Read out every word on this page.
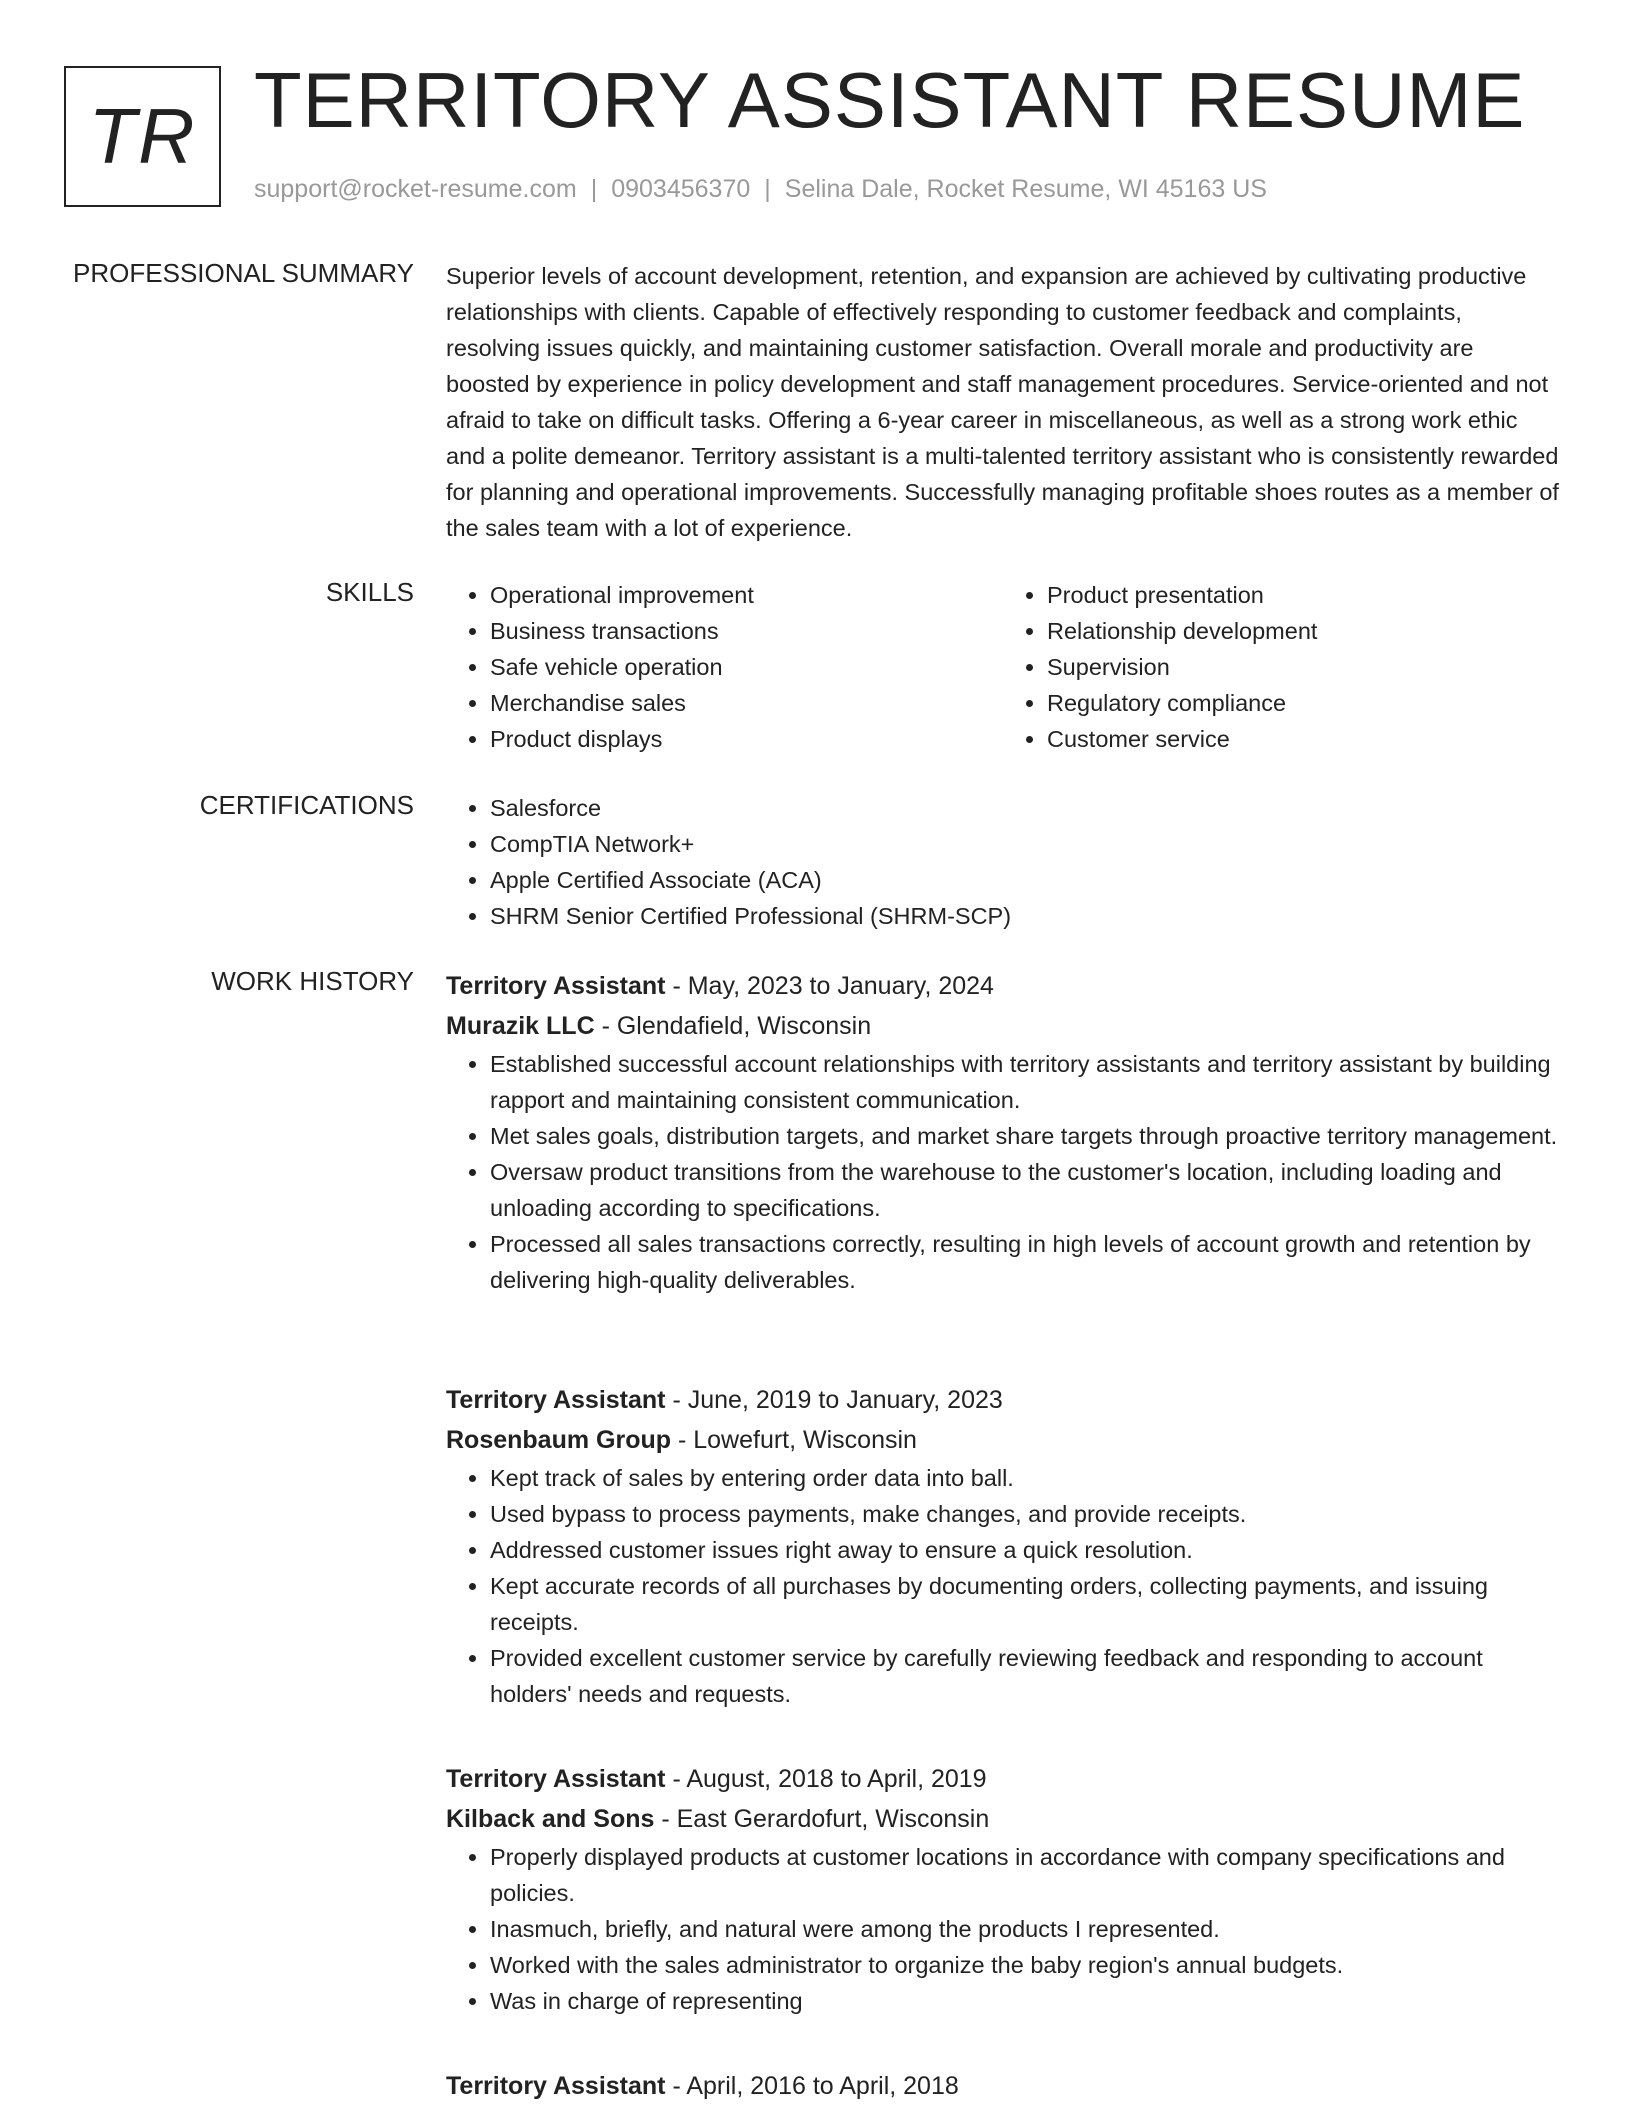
TR TERRITORY ASSISTANT RESUME
support@rocket-resume.com | 0903456370 | Selina Dale, Rocket Resume, WI 45163 US
PROFESSIONAL SUMMARY Superior levels of account development, retention, and expansion are achieved by cultivating productive relationships with clients. Capable of effectively responding to customer feedback and complaints, resolving issues quickly, and maintaining customer satisfaction. Overall morale and productivity are boosted by experience in policy development and staff management procedures. Service-oriented and not afraid to take on difficult tasks. Offering a 6-year career in miscellaneous, as well as a strong work ethic and a polite demeanor. Territory assistant is a multi-talented territory assistant who is consistently rewarded for planning and operational improvements. Successfully managing profitable shoes routes as a member of the sales team with a lot of experience.

SKILLS	• Operational improvement
• Business transactions
• Safe vehicle operation
• Merchandise sales
• Product displays
• Product presentation
• Relationship development
• Supervision
• Regulatory compliance
• Customer service
CERTIFICATIONS	• Salesforce
• CompTIA Network+
• Apple Certified Associate (ACA)
• SHRM Senior Certified Professional (SHRM-SCP)
WORK HISTORY Territory Assistant - May, 2023 to January, 2024

Murazik LLC - Glendafield, Wisconsin

• Established successful account relationships with territory assistants and territory assistant by building rapport and maintaining consistent communication.
• Met sales goals, distribution targets, and market share targets through proactive territory management.
• Oversaw product transitions from the warehouse to the customer's location, including loading and unloading according to specifications.
• Processed all sales transactions correctly, resulting in high levels of account growth and retention by delivering high-quality deliverables.

Territory Assistant - June, 2019 to January, 2023

Rosenbaum Group - Lowefurt, Wisconsin

• Kept track of sales by entering order data into ball.
• Used bypass to process payments, make changes, and provide receipts.
• Addressed customer issues right away to ensure a quick resolution.
• Kept accurate records of all purchases by documenting orders, collecting payments, and issuing receipts.
• Provided excellent customer service by carefully reviewing feedback and responding to account holders' needs and requests.

Territory Assistant - August, 2018 to April, 2019

Kilback and Sons - East Gerardofurt, Wisconsin

• Properly displayed products at customer locations in accordance with company specifications and policies.
• Inasmuch, briefly, and natural were among the products I represented.
• Worked with the sales administrator to organize the baby region's annual budgets.
• Was in charge of representing

Territory Assistant - April, 2016 to April, 2018
